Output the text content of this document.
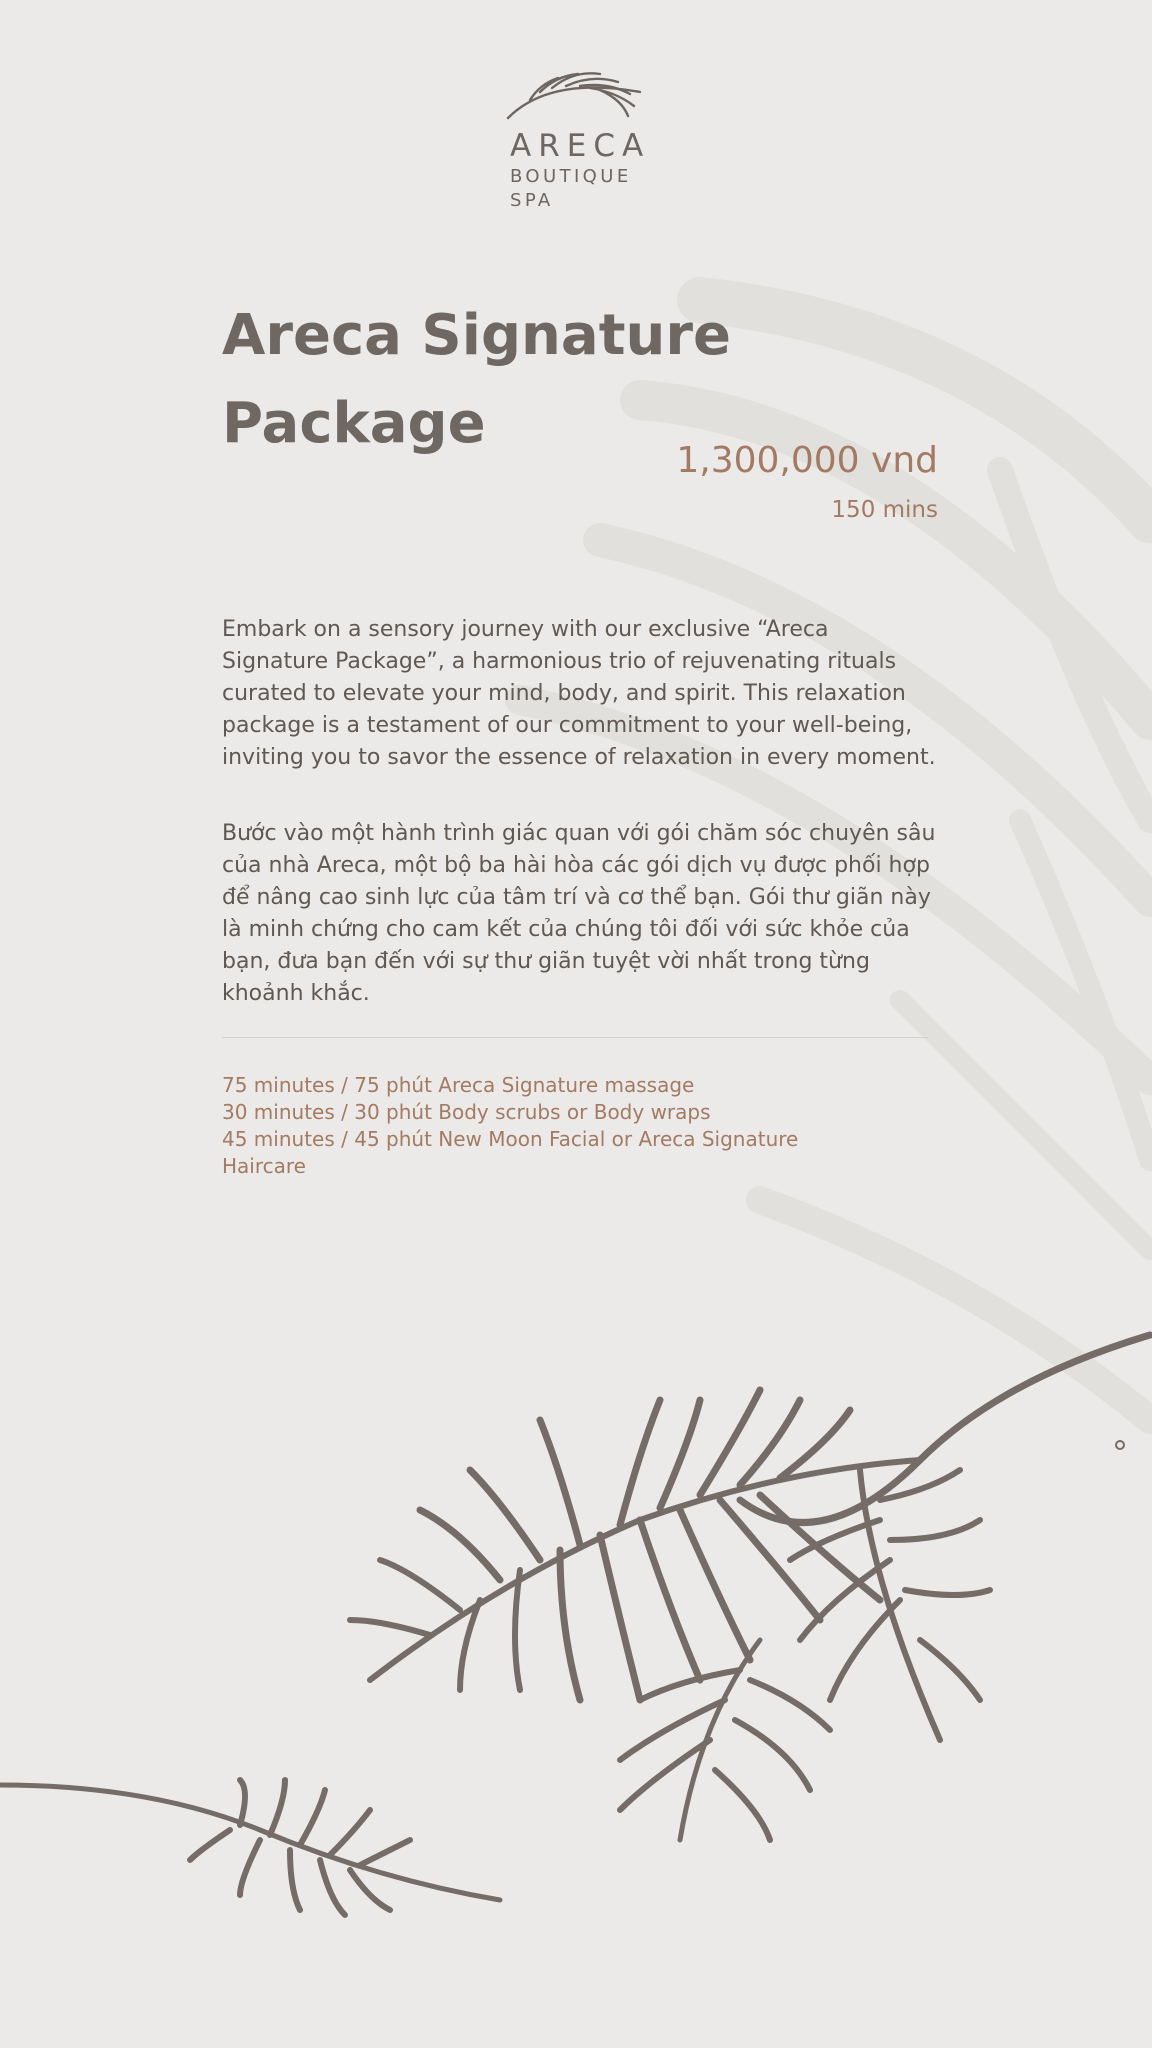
ARECA
BOUTIQUE
SPA
Areca Signature
Package
1,300,000 vnd
150 mins

Embark on a sensory journey with our exclusive “Areca Signature Package”, a harmonious trio of rejuvenating rituals curated to elevate your mind, body, and spirit. This relaxation package is a testament of our commitment to your well-being, inviting you to savor the essence of relaxation in every moment.

Bước vào một hành trình giác quan với gói chăm sóc chuyên sâu của nhà Areca, một bộ ba hài hòa các gói dịch vụ được phối hợp để nâng cao sinh lực của tâm trí và cơ thể bạn. Gói thư giãn này là minh chứng cho cam kết của chúng tôi đối với sức khỏe của bạn, đưa bạn đến với sự thư giãn tuyệt vời nhất trong từng khoảnh khắc.

75 minutes / 75 phút Areca Signature massage
30 minutes / 30 phút Body scrubs or Body wraps
45 minutes / 45 phút New Moon Facial or Areca Signature Haircare
